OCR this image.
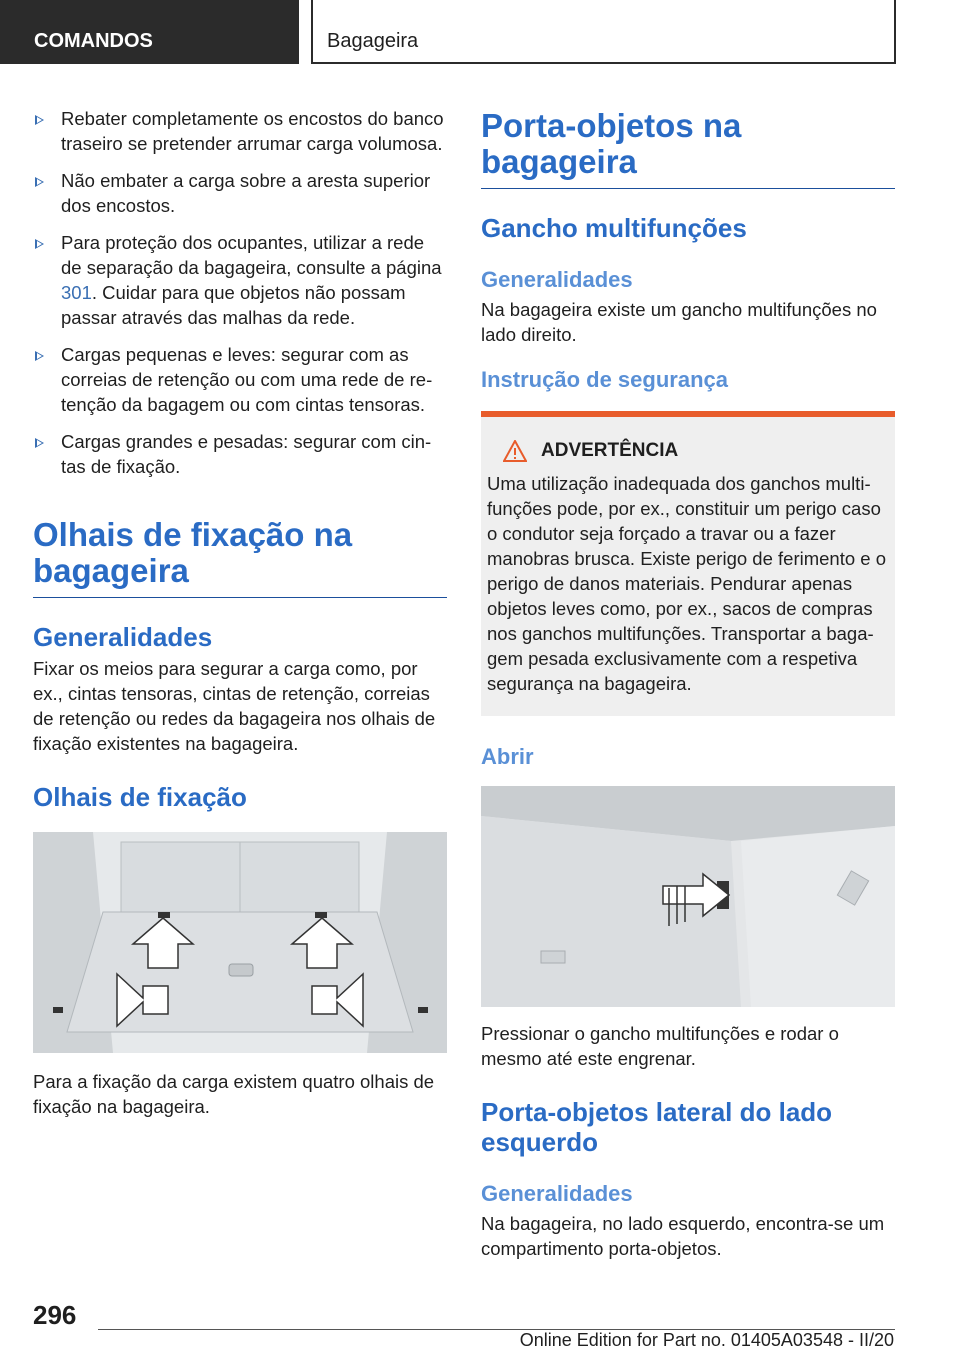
COMANDOS	Bagageira
Rebater completamente os encostos do banco traseiro se pretender arrumar carga volumosa.
Não embater a carga sobre a aresta superior dos encostos.
Para proteção dos ocupantes, utilizar a rede de separação da bagageira, consulte a página 301. Cuidar para que objetos não possam passar através das malhas da rede.
Cargas pequenas e leves: segurar com as correias de retenção ou com uma rede de retenção da bagagem ou com cintas tensoras.
Cargas grandes e pesadas: segurar com cintas de fixação.
Olhais de fixação na bagageira
Generalidades

Fixar os meios para segurar a carga como, por ex., cintas tensoras, cintas de retenção, correias de retenção ou redes da bagageira nos olhais de fixação existentes na bagageira.

Olhais de fixação

Para a fixação da carga existem quatro olhais de fixação na bagageira.

Porta-objetos na bagageira
Gancho multifunções
Generalidades

Na bagageira existe um gancho multifunções no lado direito.

Instrução de segurança
ADVERTÊNCIA

Uma utilização inadequada dos ganchos multifunções pode, por ex., constituir um perigo caso o condutor seja forçado a travar ou a fazer manobras brusca. Existe perigo de ferimento e o perigo de danos materiais. Pendurar apenas objetos leves como, por ex., sacos de compras nos ganchos multifunções. Transportar a bagagem pesada exclusivamente com a respetiva segurança na bagageira.

Abrir

Pressionar o gancho multifunções e rodar o mesmo até este engrenar.

Porta-objetos lateral do lado esquerdo
Generalidades

Na bagageira, no lado esquerdo, encontra-se um compartimento porta-objetos.

296
Online Edition for Part no. 01405A03548 - II/20
